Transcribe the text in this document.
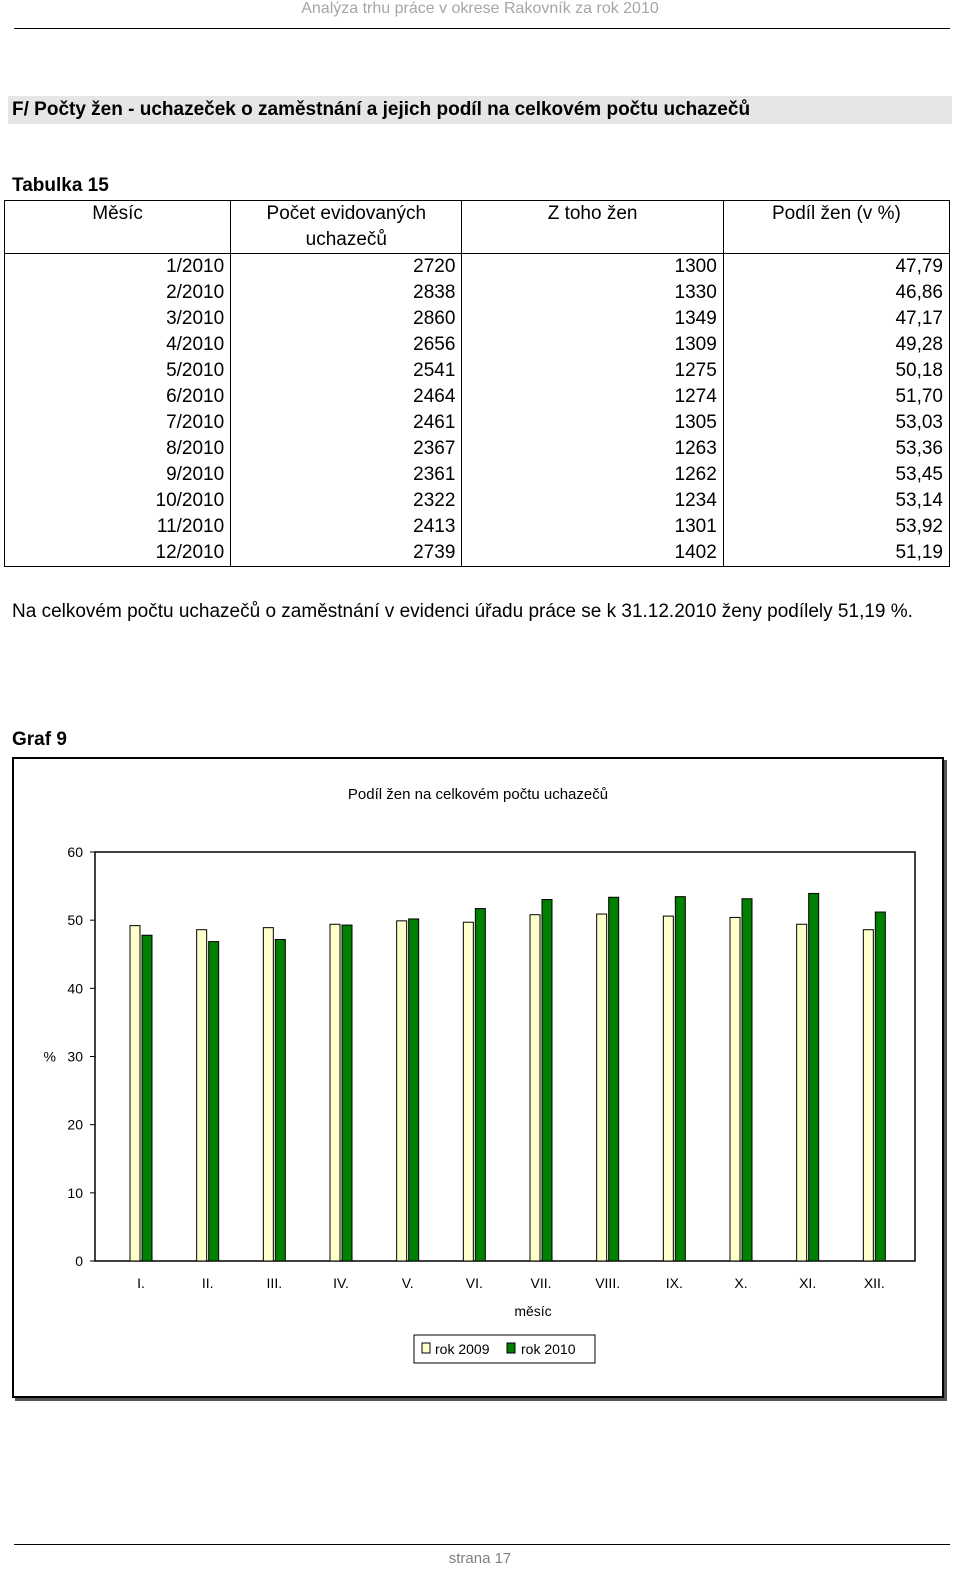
Analýza trhu práce v okrese Rakovník za rok 2010
F/ Počty žen - uchazeček o zaměstnání a jejich podíl na celkovém počtu uchazečů
Tabulka 15
Měsíc	Počet evidovaných uchazečů	Z toho žen	Podíl žen (v %)
1/2010	2720	1300	47,79
2/2010	2838	1330	46,86
3/2010	2860	1349	47,17
4/2010	2656	1309	49,28
5/2010	2541	1275	50,18
6/2010	2464	1274	51,70
7/2010	2461	1305	53,03
8/2010	2367	1263	53,36
9/2010	2361	1262	53,45
10/2010	2322	1234	53,14
11/2010	2413	1301	53,92
12/2010	2739	1402	51,19
Na celkovém počtu uchazečů o zaměstnání v evidenci úřadu práce se k 31.12.2010 ženy podílely 51,19 %.
Graf 9
Podíl žen na celkovém počtu uchazečů
0
10
20
30
40
50
60
%
I.	II.	III.	IV.	V.	VI.	VII.	VIII.	IX.	X.	XI.	XII.
měsíc
rok 2009 rok 2010
strana 17
